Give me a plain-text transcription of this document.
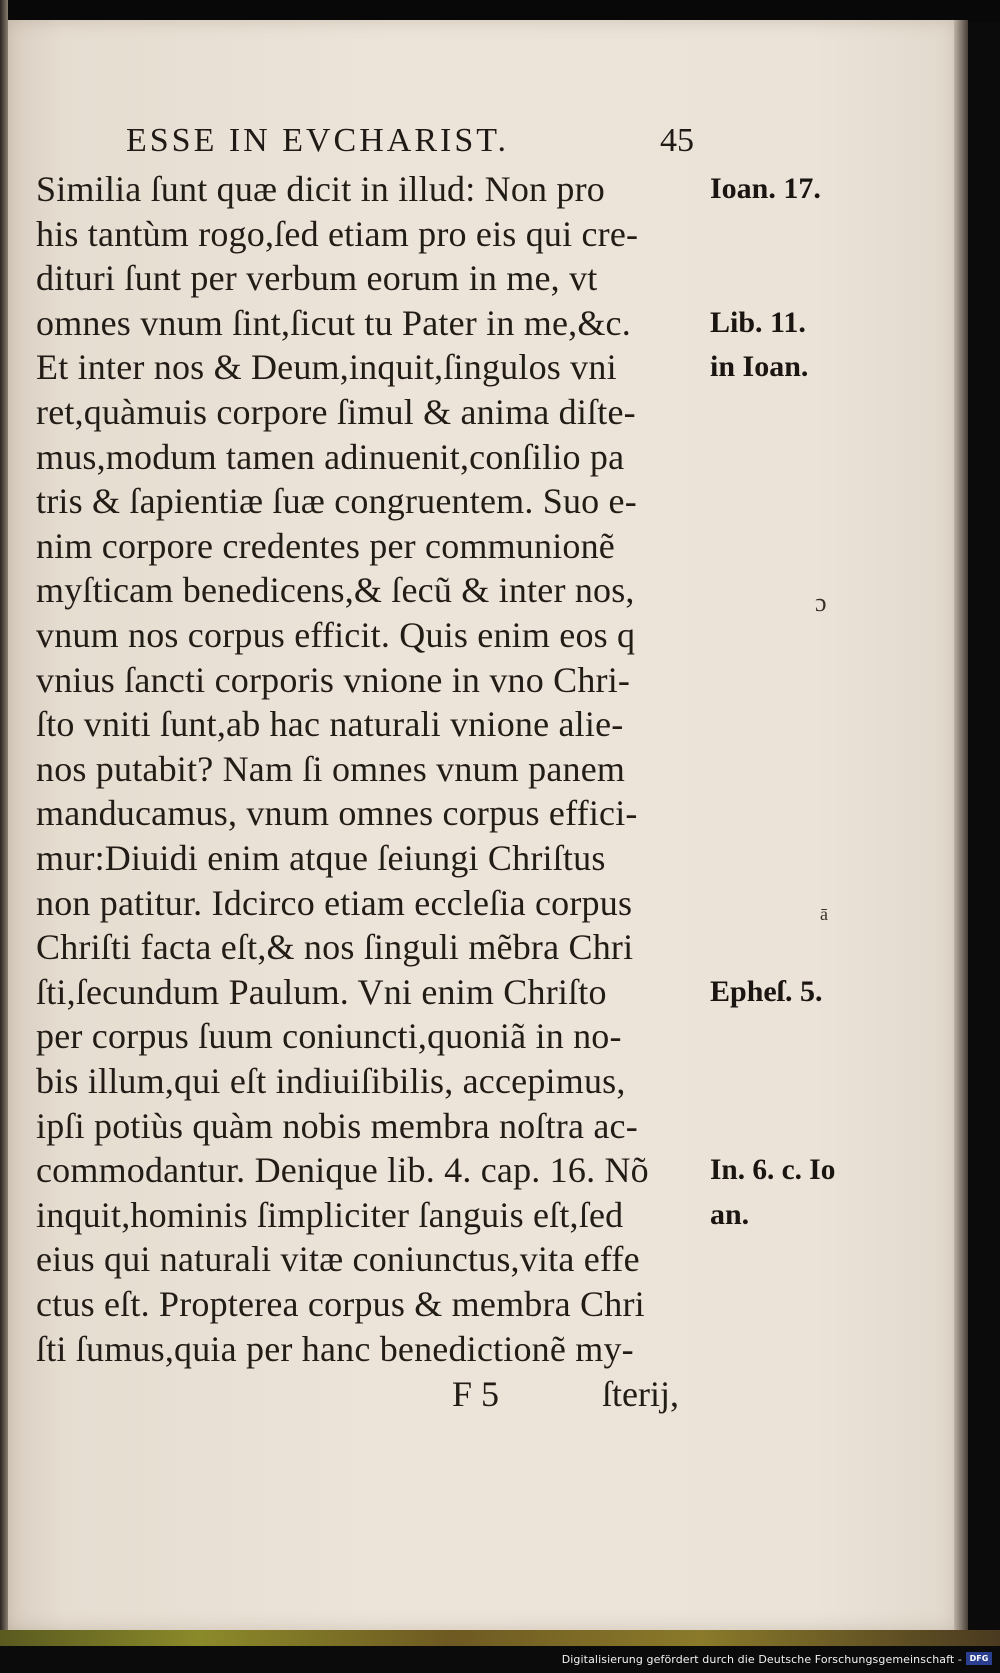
ESSE IN EVCHARIST.	45
Similia ſunt quæ dicit in illud: Non pro
his tantùm rogo,ſed etiam pro eis qui cre-
dituri ſunt per verbum eorum in me, vt
omnes vnum ſint,ſicut tu Pater in me,&c.
Et inter nos & Deum,inquit,ſingulos vni
ret,quàmuis corpore ſimul & anima diſte-
mus,modum tamen adinuenit,conſilio pa
tris & ſapientiæ ſuæ congruentem. Suo e-
nim corpore credentes per communionẽ
myſticam benedicens,& ſecũ & inter nos,
vnum nos corpus efficit. Quis enim eos q
vnius ſancti corporis vnione in vno Chri-
ſto vniti ſunt,ab hac naturali vnione alie-
nos putabit? Nam ſi omnes vnum panem
manducamus, vnum omnes corpus effici-
mur:Diuidi enim atque ſeiungi Chriſtus
non patitur. Idcirco etiam eccleſia corpus
Chriſti facta eſt,& nos ſinguli mẽbra Chri
ſti,ſecundum Paulum. Vni enim Chriſto
per corpus ſuum coniuncti,quoniã in no-
bis illum,qui eſt indiuiſibilis, accepimus,
ipſi potiùs quàm nobis membra noſtra ac-
commodantur. Denique lib. 4. cap. 16. Nõ
inquit,hominis ſimpliciter ſanguis eſt,ſed
eius qui naturali vitæ coniunctus,vita effe
ctus eſt. Propterea corpus & membra Chri
ſti ſumus,quia per hanc benedictionẽ my-
Ioan. 17.
Lib. 11.
in Ioan.
Epheſ. 5.
In. 6. c. Io
an.
ɔ
ā
F 5	ſterij,
Digitalisierung gefördert durch die Deutsche Forschungsgemeinschaft - DFG
